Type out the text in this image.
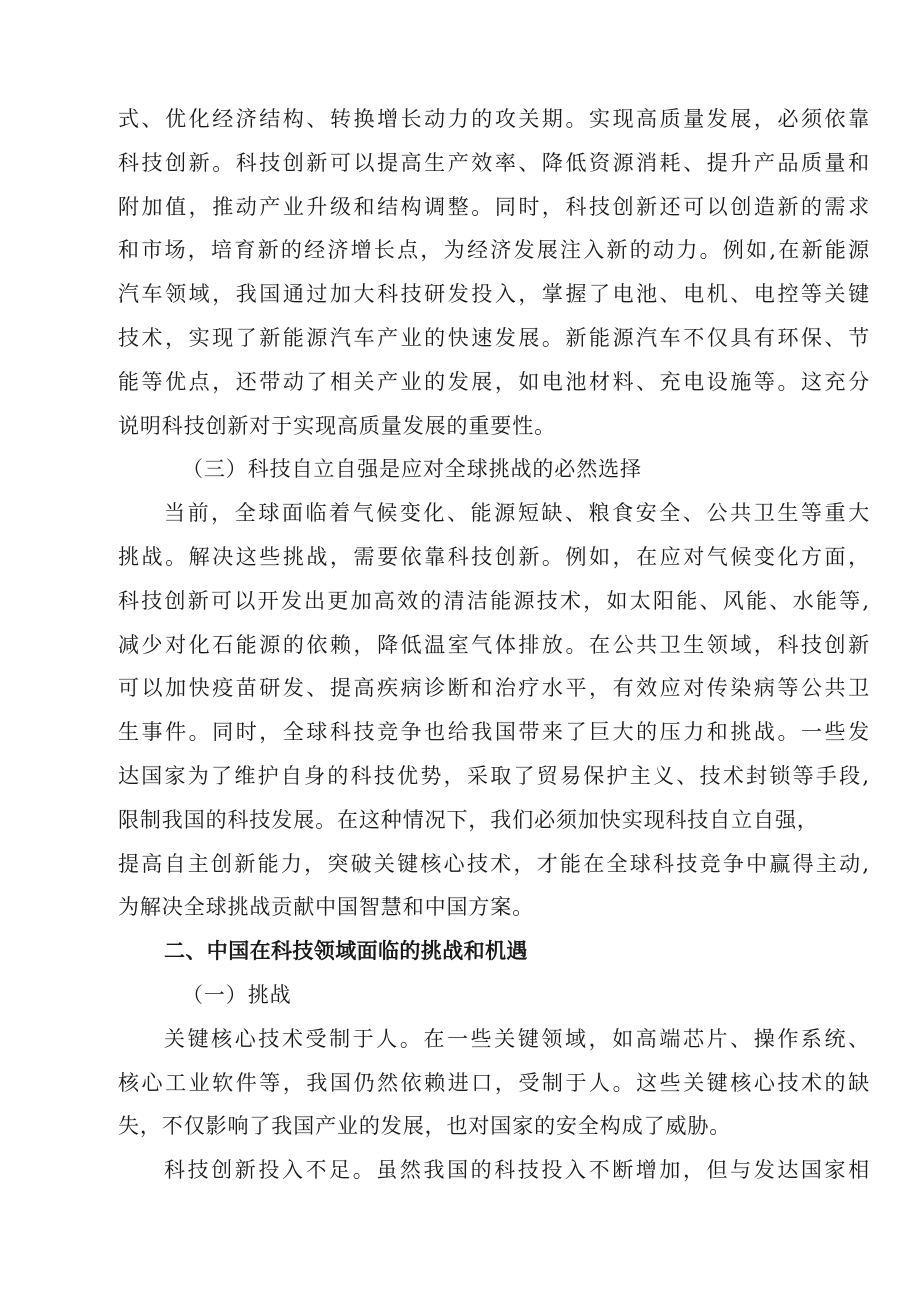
式、优化经济结构、转换增长动力的攻关期。实现高质量发展，必须依靠
科技创新。科技创新可以提高生产效率、降低资源消耗、提升产品质量和
附加值，推动产业升级和结构调整。同时，科技创新还可以创造新的需求
和市场，培育新的经济增长点，为经济发展注入新的动力。例如,在新能源
汽车领域，我国通过加大科技研发投入，掌握了电池、电机、电控等关键
技术，实现了新能源汽车产业的快速发展。新能源汽车不仅具有环保、节
能等优点，还带动了相关产业的发展，如电池材料、充电设施等。这充分
说明科技创新对于实现高质量发展的重要性。
（三）科技自立自强是应对全球挑战的必然选择
当前，全球面临着气候变化、能源短缺、粮食安全、公共卫生等重大
挑战。解决这些挑战，需要依靠科技创新。例如，在应对气候变化方面，
科技创新可以开发出更加高效的清洁能源技术，如太阳能、风能、水能等,
减少对化石能源的依赖，降低温室气体排放。在公共卫生领域，科技创新
可以加快疫苗研发、提高疾病诊断和治疗水平，有效应对传染病等公共卫
生事件。同时，全球科技竞争也给我国带来了巨大的压力和挑战。一些发
达国家为了维护自身的科技优势，采取了贸易保护主义、技术封锁等手段,
限制我国的科技发展。在这种情况下，我们必须加快实现科技自立自强，
提高自主创新能力，突破关键核心技术，才能在全球科技竞争中赢得主动,
为解决全球挑战贡献中国智慧和中国方案。
二、中国在科技领域面临的挑战和机遇
（一）挑战
关键核心技术受制于人。在一些关键领域，如高端芯片、操作系统、
核心工业软件等，我国仍然依赖进口，受制于人。这些关键核心技术的缺
失，不仅影响了我国产业的发展，也对国家的安全构成了威胁。
科技创新投入不足。虽然我国的科技投入不断增加，但与发达国家相
